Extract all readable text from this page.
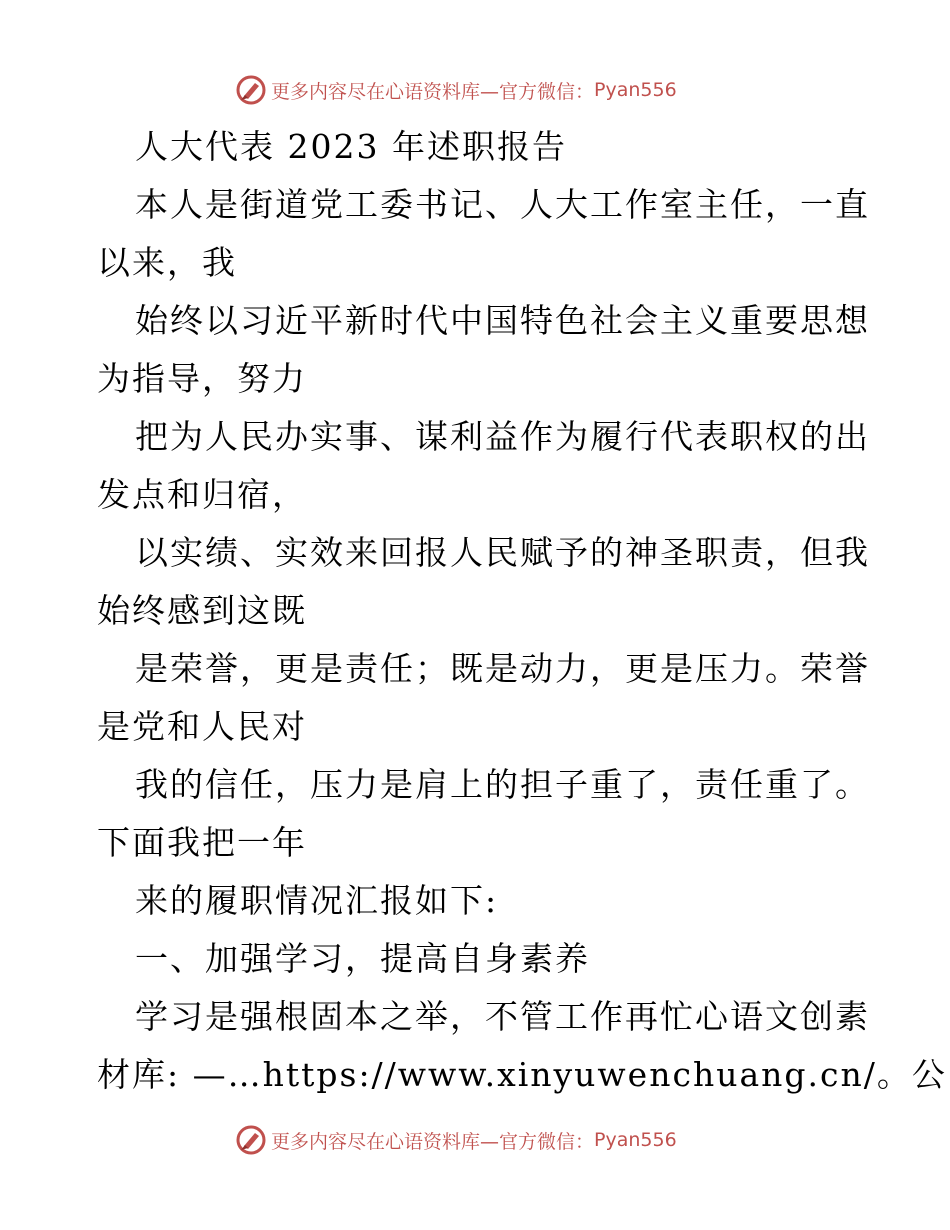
更多内容尽在心语资料库—官方微信： Pyan556
人大代表 2023 年述职报告
本人是街道党工委书记、人大工作室主任，一直
以来，我
始终以习近平新时代中国特色社会主义重要思想
为指导，努力
把为人民办实事、谋利益作为履行代表职权的出
发点和归宿，
以实绩、实效来回报人民赋予的神圣职责，但我
始终感到这既
是荣誉，更是责任；既是动力，更是压力。荣誉
是党和人民对
我的信任，压力是肩上的担子重了，责任重了。
下面我把一年
来的履职情况汇报如下:
一、加强学习，提高自身素养
学习是强根固本之举，不管工作再忙心语文创素
材库: —…https://www.xinyuwenchuang.cn/。公
更多内容尽在心语资料库—官方微信： Pyan556
